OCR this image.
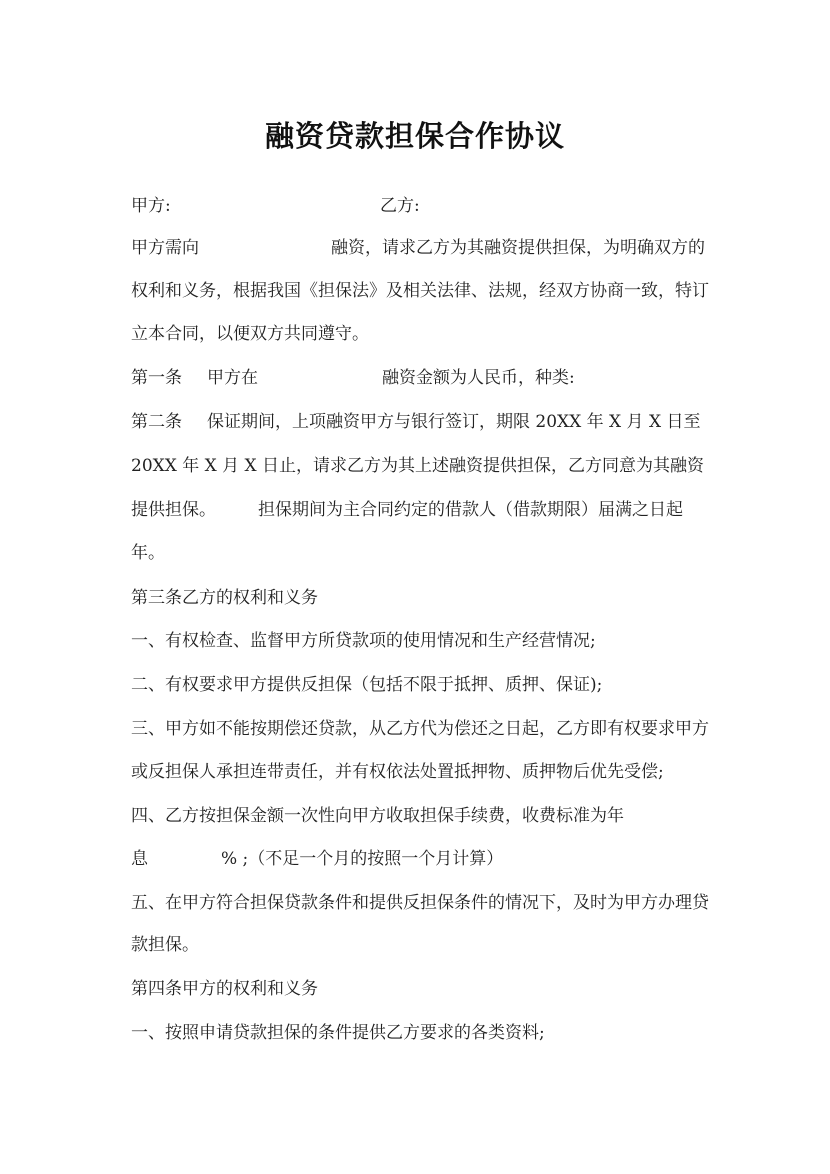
融资贷款担保合作协议
甲方:	乙方:
甲方需向	融资，请求乙方为其融资提供担保，为明确双方的
权利和义务，根据我国《担保法》及相关法律、法规，经双方协商一致，特订
立本合同，以便双方共同遵守。
第一条 甲方在	融资金额为人民币，种类:
第二条 保证期间，上项融资甲方与银行签订，期限 20XX 年 X 月 X 日至
20XX 年 X 月 X 日止，请求乙方为其上述融资提供担保，乙方同意为其融资
提供担保。 担保期间为主合同约定的借款人（借款期限）届满之日起
年。
第三条乙方的权利和义务
一、有权检查、监督甲方所贷款项的使用情况和生产经营情况;
二、有权要求甲方提供反担保（包括不限于抵押、质押、保证);
三、甲方如不能按期偿还贷款，从乙方代为偿还之日起，乙方即有权要求甲方
或反担保人承担连带责任，并有权依法处置抵押物、质押物后优先受偿;
四、乙方按担保金额一次性向甲方收取担保手续费，收费标准为年
息	% ;（不足一个月的按照一个月计算）
五、在甲方符合担保贷款条件和提供反担保条件的情况下，及时为甲方办理贷
款担保。
第四条甲方的权利和义务
一、按照申请贷款担保的条件提供乙方要求的各类资料;
